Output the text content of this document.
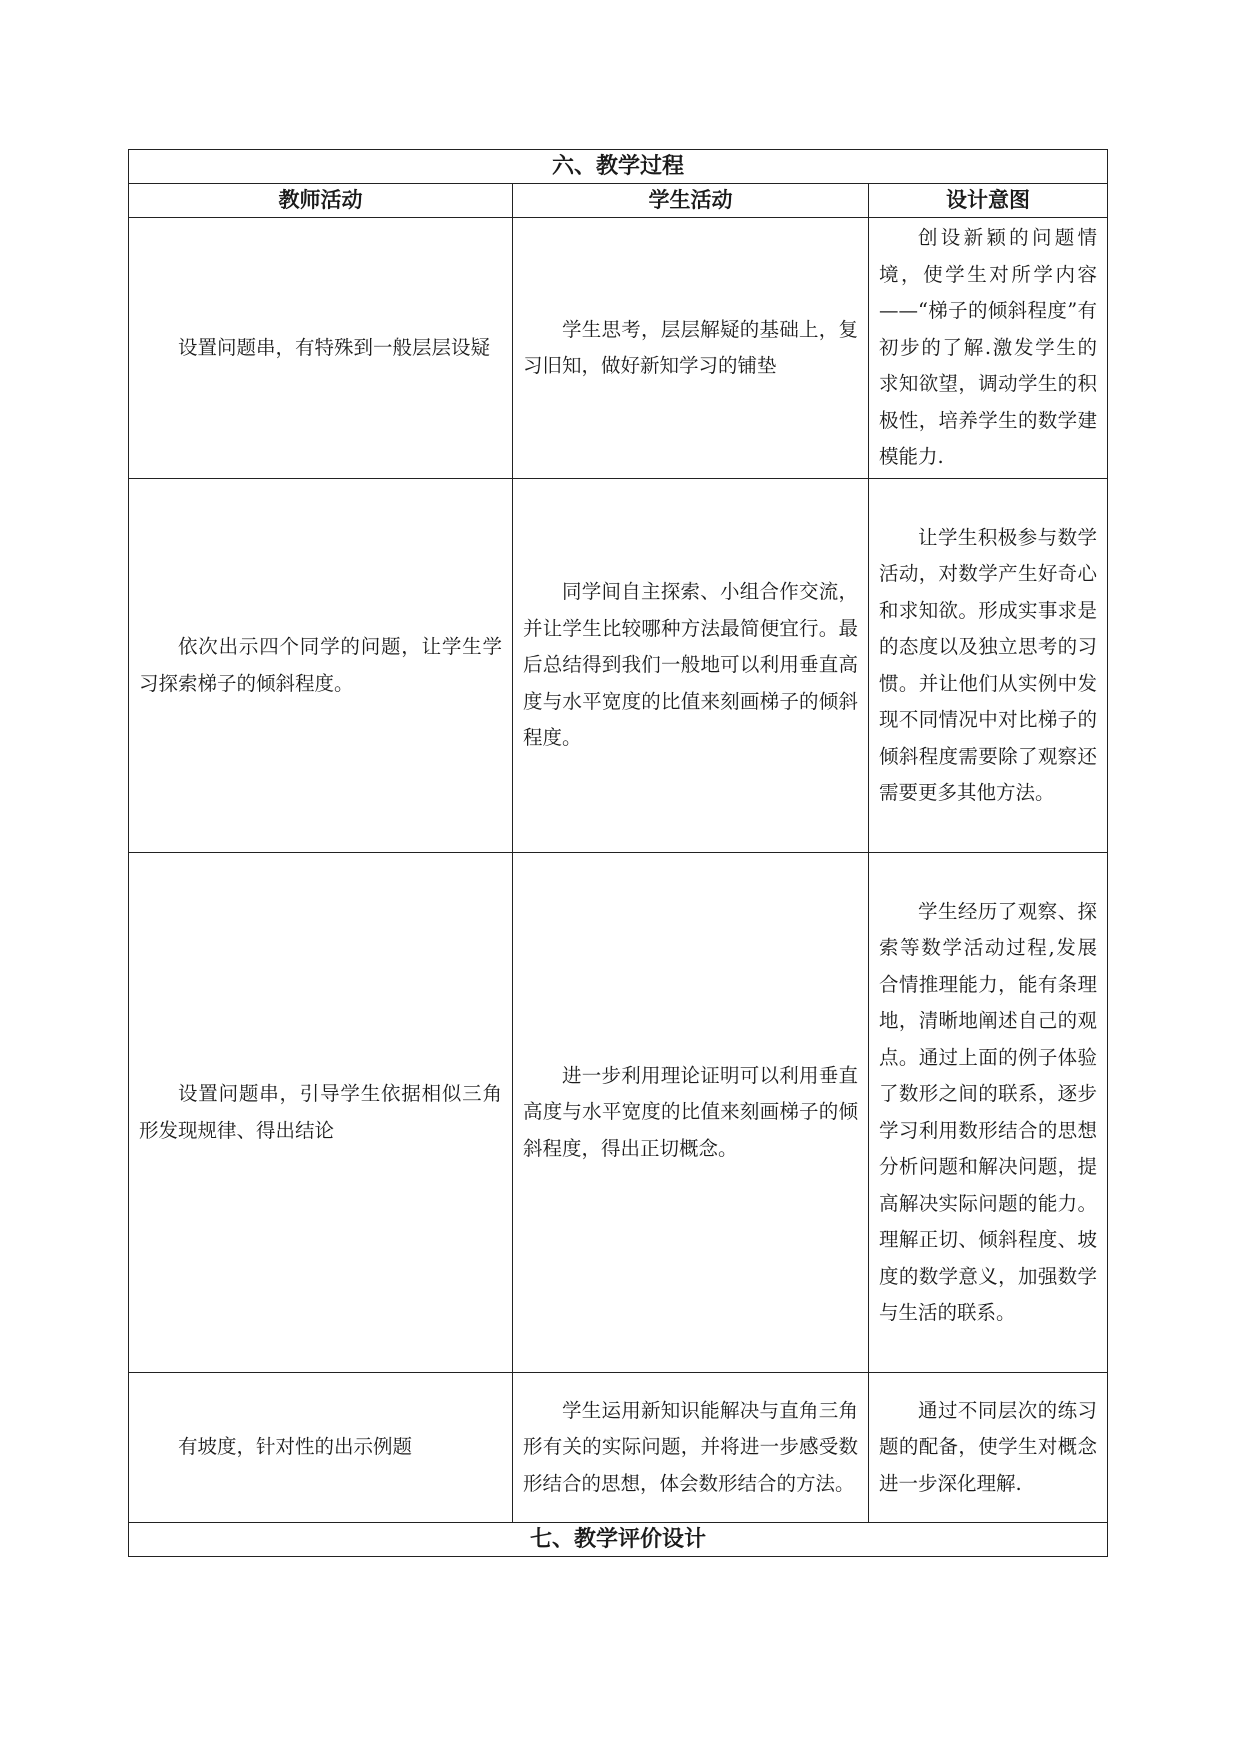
六、教学过程		
教师活动	学生活动	设计意图

设置问题串，有特殊到一般层层设疑	学生思考，层层解疑的基础上，复习旧知，做好新知学习的铺垫	创设新颖的问题情境，使学生对所学内容——“梯子的倾斜程度”有初步的了解.激发学生的求知欲望，调动学生的积极性，培养学生的数学建模能力.

依次出示四个同学的问题，让学生学习探索梯子的倾斜程度。	同学间自主探索、小组合作交流，并让学生比较哪种方法最简便宜行。最后总结得到我们一般地可以利用垂直高度与水平宽度的比值来刻画梯子的倾斜程度。	让学生积极参与数学活动，对数学产生好奇心和求知欲。形成实事求是的态度以及独立思考的习惯。并让他们从实例中发现不同情况中对比梯子的倾斜程度需要除了观察还需要更多其他方法。

设置问题串，引导学生依据相似三角形发现规律、得出结论	进一步利用理论证明可以利用垂直高度与水平宽度的比值来刻画梯子的倾斜程度，得出正切概念。	学生经历了观察、探索等数学活动过程,发展合情推理能力，能有条理地，清晰地阐述自己的观点。通过上面的例子体验了数形之间的联系，逐步学习利用数形结合的思想分析问题和解决问题，提高解决实际问题的能力。理解正切、倾斜程度、坡度的数学意义，加强数学与生活的联系。

有坡度，针对性的出示例题	学生运用新知识能解决与直角三角形有关的实际问题，并将进一步感受数形结合的思想，体会数形结合的方法。	通过不同层次的练习题的配备，使学生对概念进一步深化理解.

七、教学评价设计		
